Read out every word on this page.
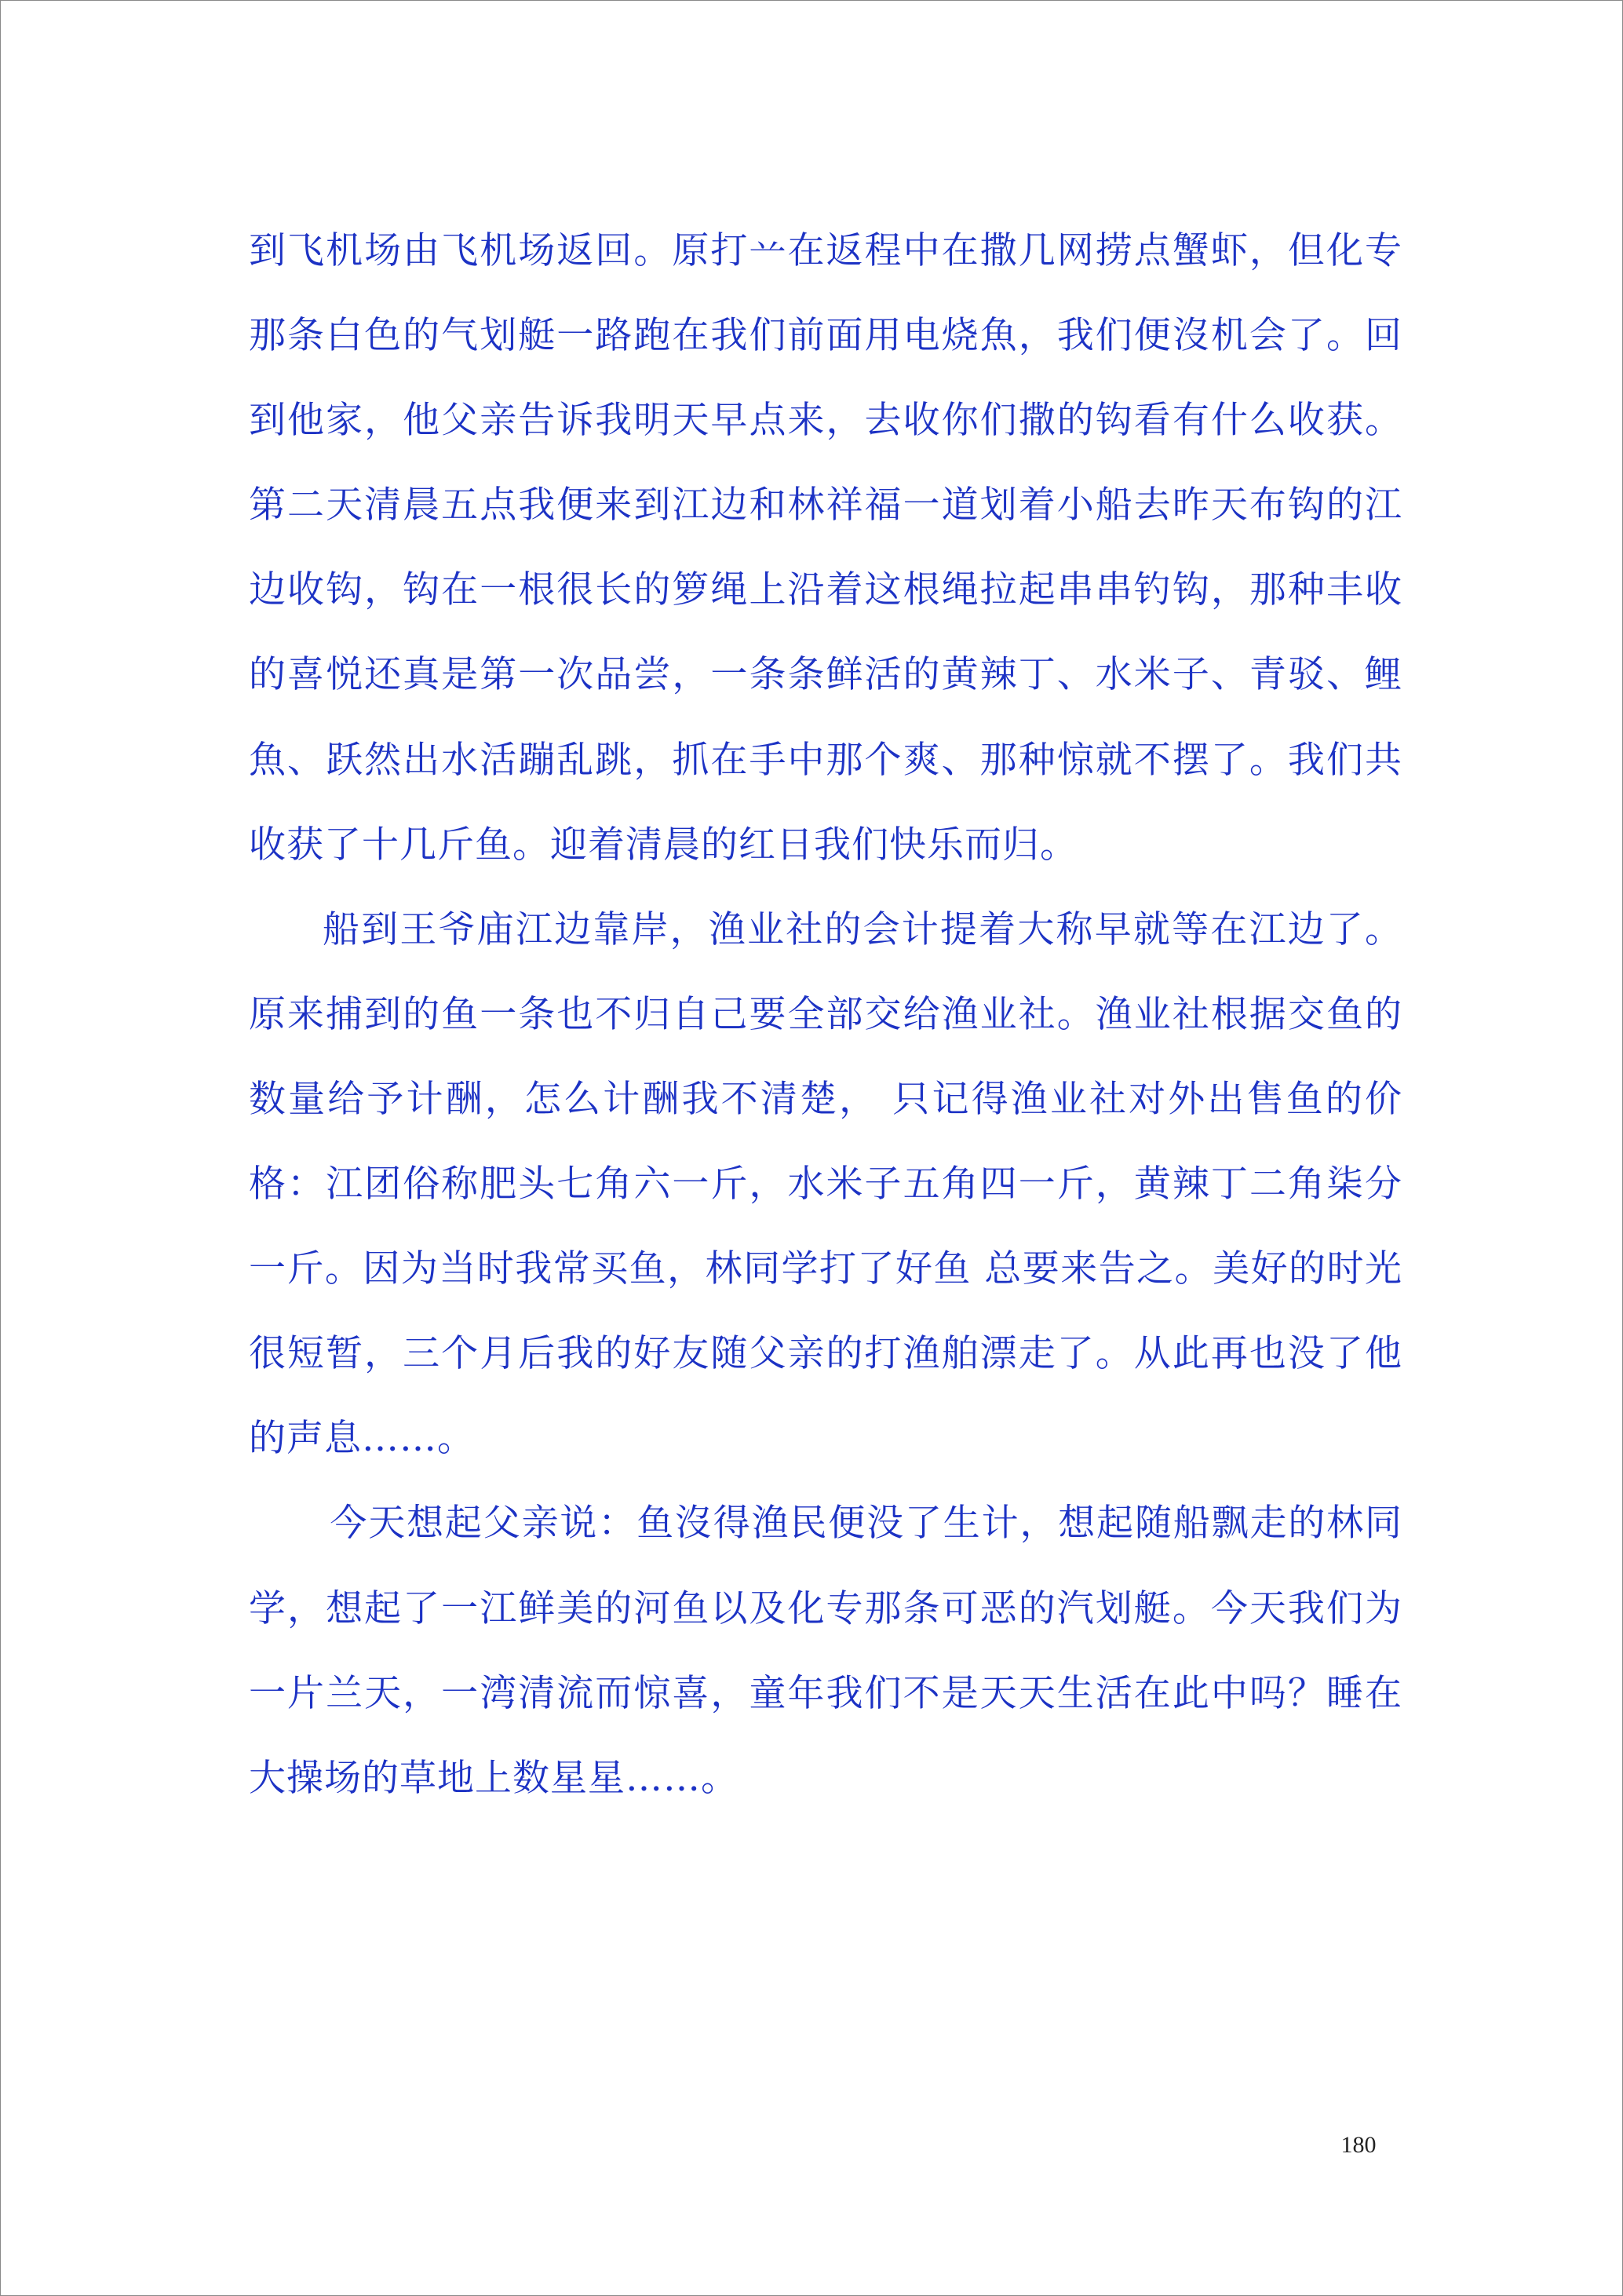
到飞机场由飞机场返回。原打䒑在返程中在撒几网捞点蟹虾，但化专那条白色的气划艇一路跑在我们前面用电烧魚，我们便沒机会了。回到他家，他父亲告诉我明天早点来，去收你们撒的钩看有什么收获。第二天清晨五点我便来到江边和林祥福一道划着小船去昨天布钩的江边收钩，钩在一根很长的箩绳上沿着这根绳拉起串串钓钩，那种丰收的喜悦还真是第一次品尝，一条条鲜活的黄辣丁、水米子、青驳、鲤魚、跃然出水活蹦乱跳，抓在手中那个爽、那种惊就不摆了。我们共收获了十几斤鱼。迎着清晨的红日我们快乐而归。

船到王爷庙江边靠岸，渔业社的会计提着大称早就等在江边了。原来捕到的鱼一条也不归自己要全部交给渔业社。渔业社根据交鱼的数量给予计酬，怎么计酬我不清楚， 只记得渔业社对外出售鱼的价格：江团俗称肥头七角六一斤，水米子五角四一斤，黄辣丁二角柒分一斤。因为当时我常买鱼，林同学打了好鱼 总要来告之。美好的时光很短暂，三个月后我的好友随父亲的打渔舶漂走了。从此再也没了他的声息……。

今天想起父亲说：鱼沒得渔民便没了生计，想起随船飘走的林同学，想起了一江鲜美的河鱼以及化专那条可恶的汽划艇。今天我们为一片兰天，一湾清流而惊喜，童年我们不是天天生活在此中吗？睡在大操场的草地上数星星……。

180
